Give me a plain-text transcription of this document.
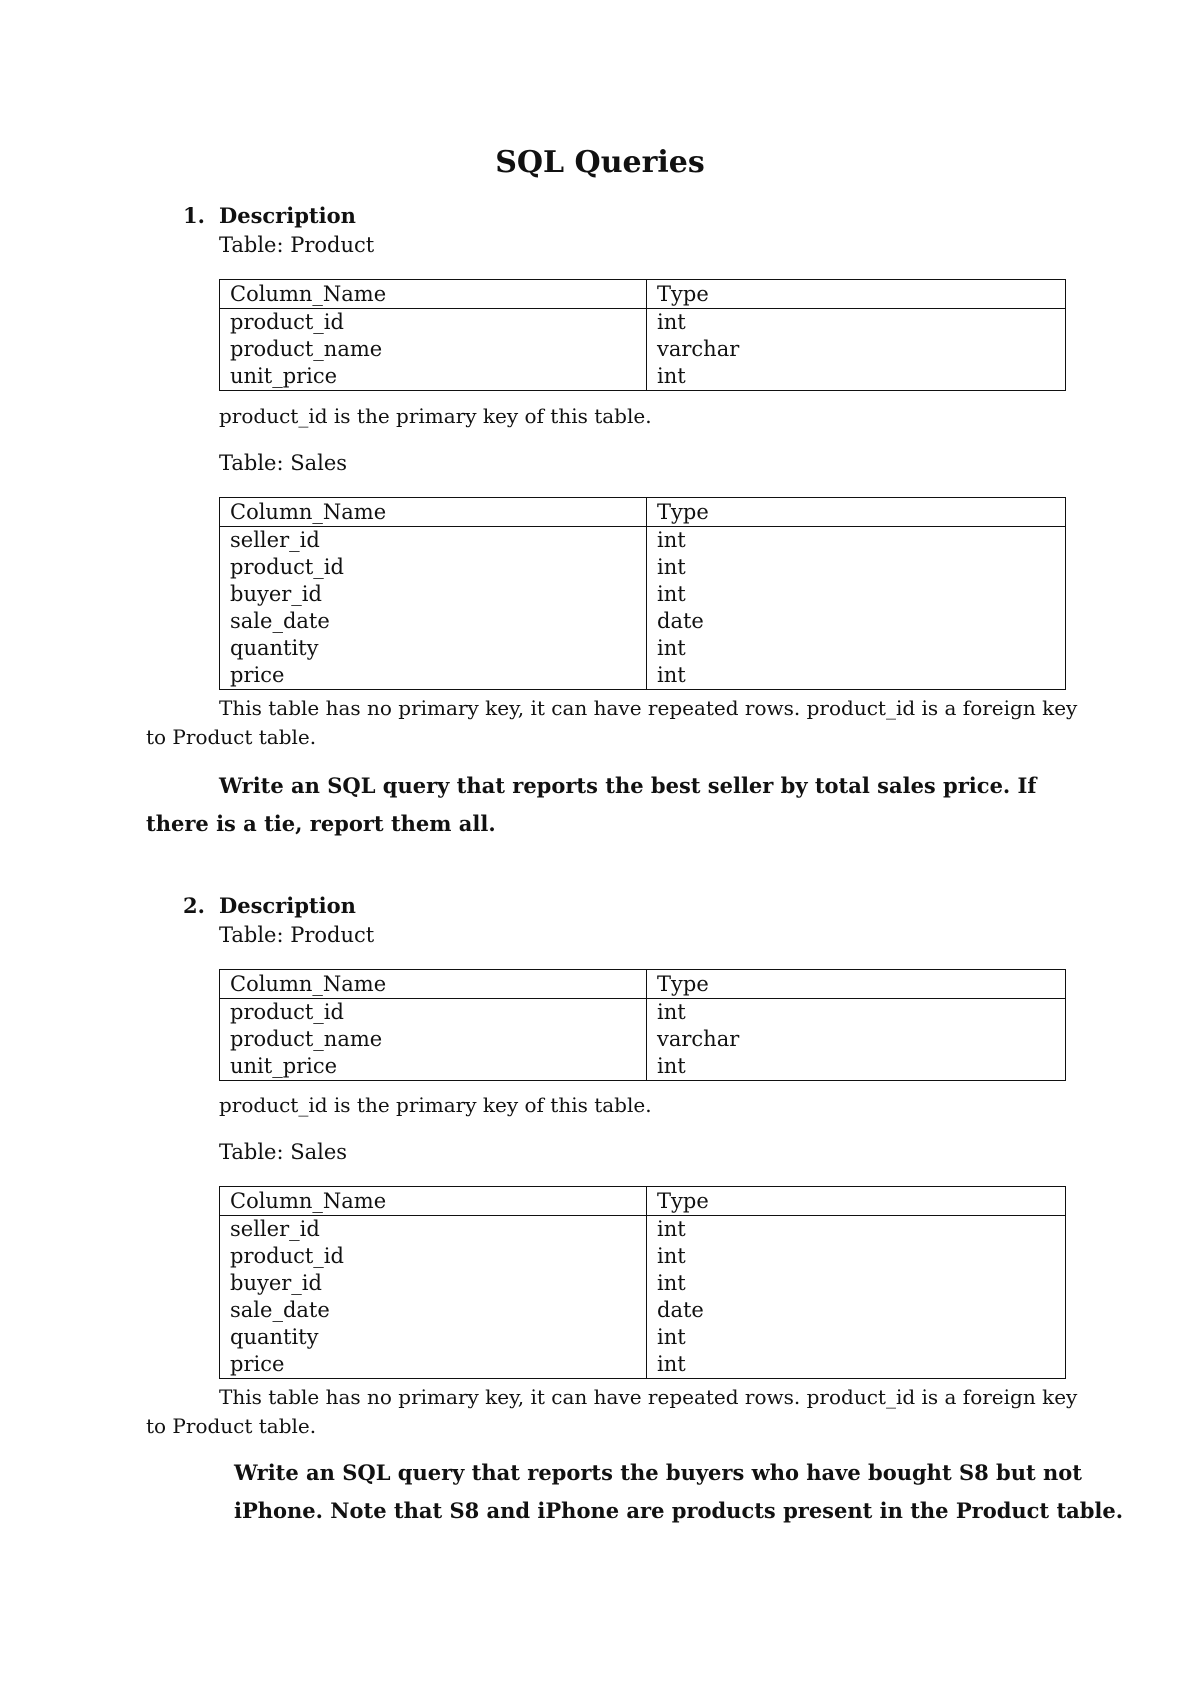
SQL Queries
1. Description
Table: Product
Column_Name	Type
product_id	int
product_name	varchar
unit_price	int
product_id is the primary key of this table.
Table: Sales
Column_Name	Type
seller_id	int
product_id	int
buyer_id	int
sale_date	date
quantity	int
price	int
This table has no primary key, it can have repeated rows. product_id is a foreign key to Product table.
Write an SQL query that reports the best seller by total sales price. If there is a tie, report them all.
2. Description
Table: Product
Column_Name	Type
product_id	int
product_name	varchar
unit_price	int
product_id is the primary key of this table.
Table: Sales
Column_Name	Type
seller_id	int
product_id	int
buyer_id	int
sale_date	date
quantity	int
price	int
This table has no primary key, it can have repeated rows. product_id is a foreign key to Product table.
Write an SQL query that reports the buyers who have bought S8 but not iPhone. Note that S8 and iPhone are products present in the Product table.
